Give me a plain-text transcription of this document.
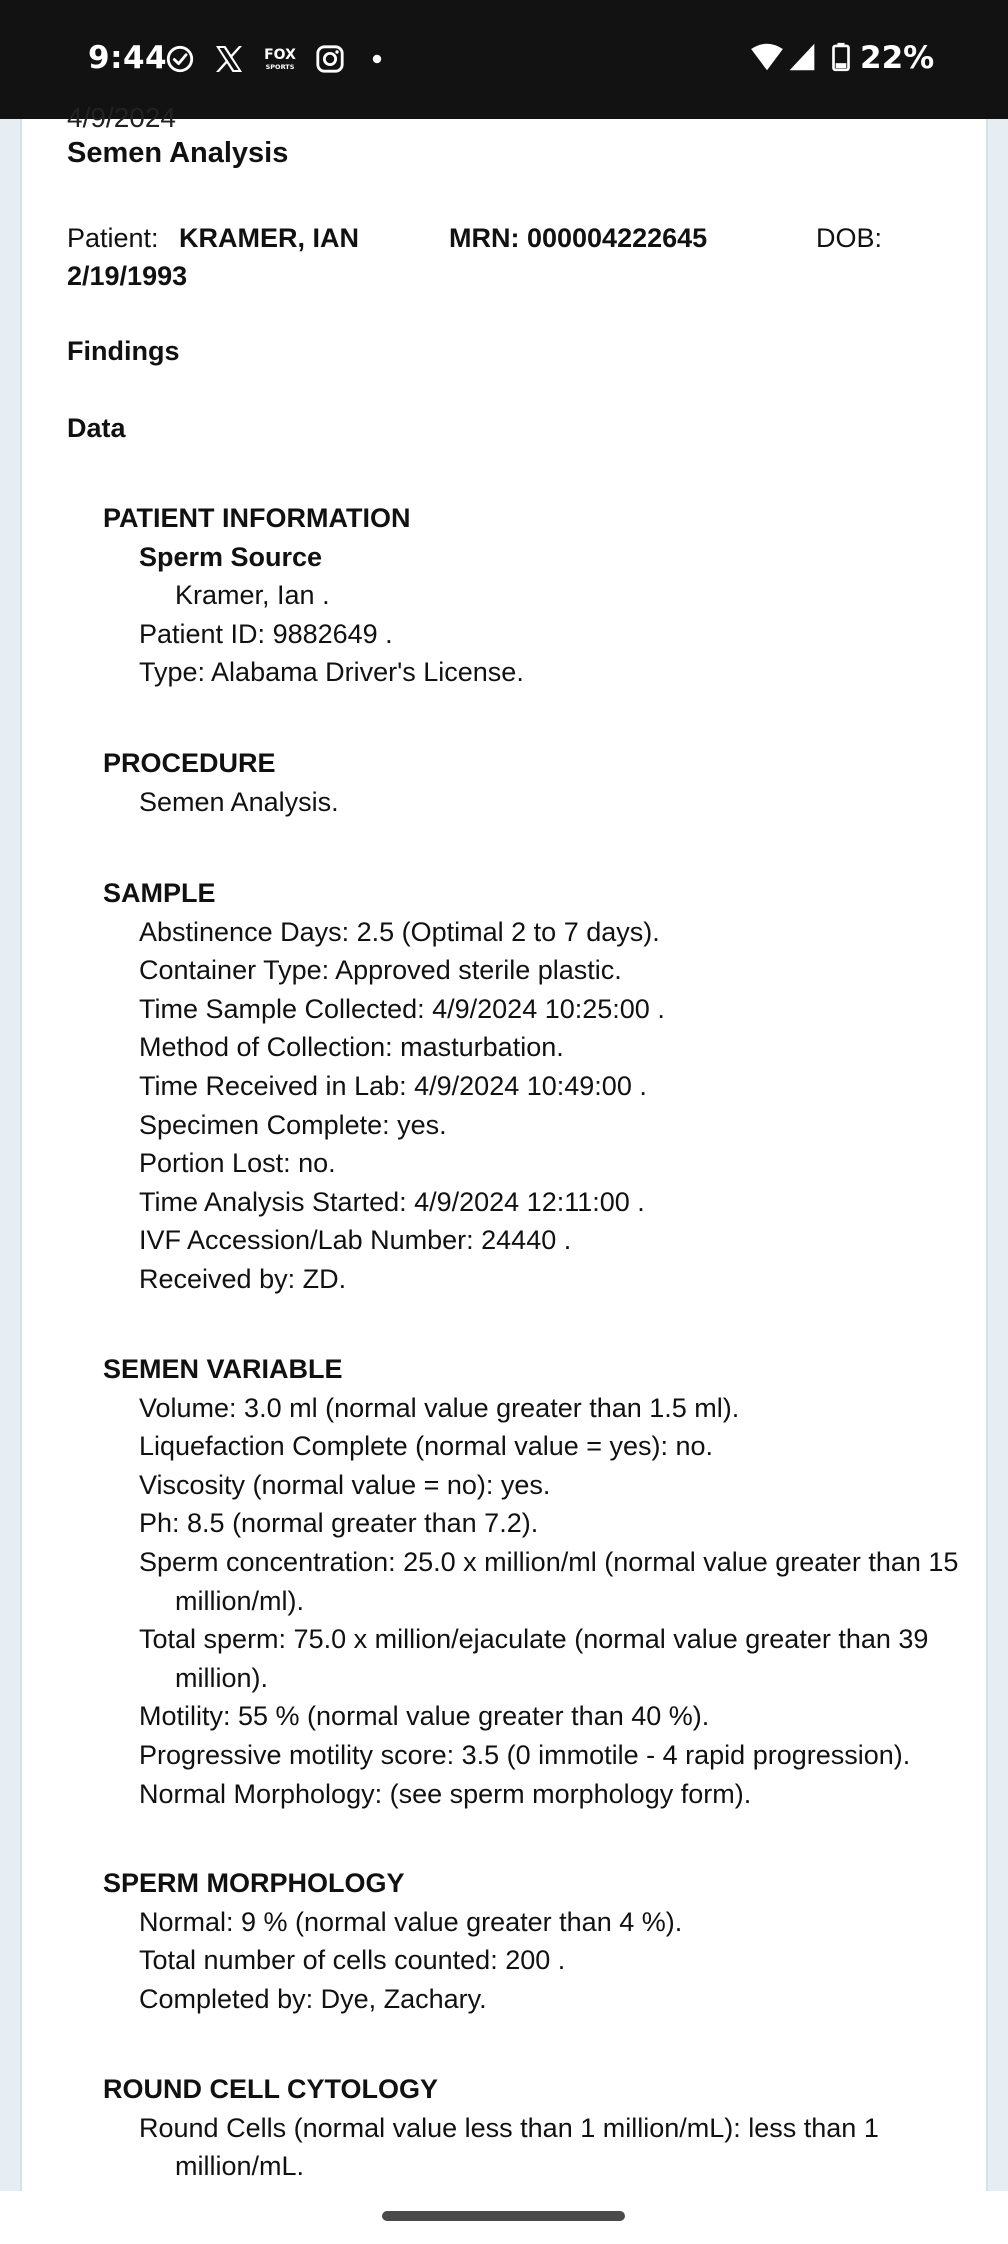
9:44	FOX
SPORTS	22%
4/9/2024
Semen Analysis
Patient: KRAMER, IAN	MRN: 000004222645	DOB:
2/19/1993
Findings
Data
PATIENT INFORMATION
Sperm Source
Kramer, Ian .
Patient ID: 9882649 .
Type: Alabama Driver's License.
PROCEDURE
Semen Analysis.
SAMPLE
Abstinence Days: 2.5 (Optimal 2 to 7 days).
Container Type: Approved sterile plastic.
Time Sample Collected: 4/9/2024 10:25:00 .
Method of Collection: masturbation.
Time Received in Lab: 4/9/2024 10:49:00 .
Specimen Complete: yes.
Portion Lost: no.
Time Analysis Started: 4/9/2024 12:11:00 .
IVF Accession/Lab Number: 24440 .
Received by: ZD.
SEMEN VARIABLE
Volume: 3.0 ml (normal value greater than 1.5 ml).
Liquefaction Complete (normal value = yes): no.
Viscosity (normal value = no): yes.
Ph: 8.5 (normal greater than 7.2).
Sperm concentration: 25.0 x million/ml (normal value greater than 15 million/ml).
Total sperm: 75.0 x million/ejaculate (normal value greater than 39 million).
Motility: 55 % (normal value greater than 40 %).
Progressive motility score: 3.5 (0 immotile - 4 rapid progression).
Normal Morphology: (see sperm morphology form).
SPERM MORPHOLOGY
Normal: 9 % (normal value greater than 4 %).
Total number of cells counted: 200 .
Completed by: Dye, Zachary.
ROUND CELL CYTOLOGY
Round Cells (normal value less than 1 million/mL): less than 1 million/mL.
